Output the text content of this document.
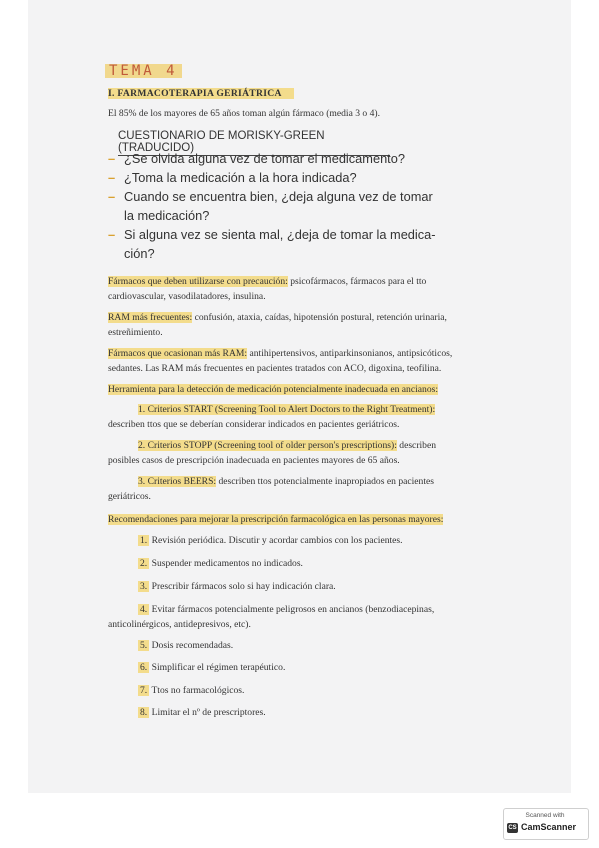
TEMA 4
I. FARMACOTERAPIA GERIÁTRICA
El 85% de los mayores de 65 años toman algún fármaco (media 3 o 4).
CUESTIONARIO DE MORISKY-GREEN (TRADUCIDO)
– ¿Se olvida alguna vez de tomar el medicamento?
– ¿Toma la medicación a la hora indicada?
– Cuando se encuentra bien, ¿deja alguna vez de tomar
la medicación?
– Si alguna vez se sienta mal, ¿deja de tomar la medica-
ción?
Fármacos que deben utilizarse con precaución: psicofármacos, fármacos para el tto
cardiovascular, vasodilatadores, insulina.
RAM más frecuentes: confusión, ataxia, caídas, hipotensión postural, retención urinaria,
estreñimiento.
Fármacos que ocasionan más RAM: antihipertensivos, antiparkinsonianos, antipsicóticos,
sedantes. Las RAM más frecuentes en pacientes tratados con ACO, digoxina, teofilina.
Herramienta para la detección de medicación potencialmente inadecuada en ancianos:
1. Criterios START (Screening Tool to Alert Doctors to the Right Treatment):
describen ttos que se deberían considerar indicados en pacientes geriátricos.
2. Criterios STOPP (Screening tool of older person's prescriptions): describen
posibles casos de prescripción inadecuada en pacientes mayores de 65 años.
3. Criterios BEERS: describen ttos potencialmente inapropiados en pacientes
geriátricos.
Recomendaciones para mejorar la prescripción farmacológica en las personas mayores:
1. Revisión periódica. Discutir y acordar cambios con los pacientes.
2. Suspender medicamentos no indicados.
3. Prescribir fármacos solo si hay indicación clara.
4. Evitar fármacos potencialmente peligrosos en ancianos (benzodiacepinas,
anticolinérgicos, antidepresivos, etc).
5. Dosis recomendadas.
6. Simplificar el régimen terapéutico.
7. Ttos no farmacológicos.
8. Limitar el nº de prescriptores.
Scanned with
CS CamScanner
